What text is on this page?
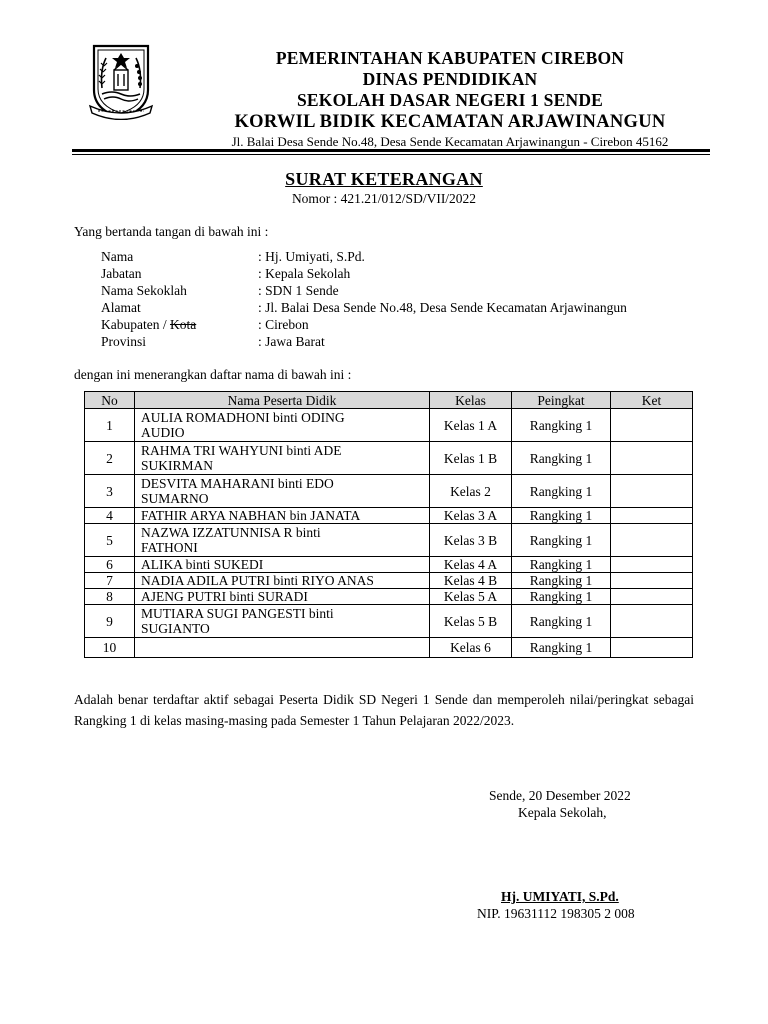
PEMERINTAHAN KABUPATEN CIREBON
DINAS PENDIDIKAN
SEKOLAH DASAR NEGERI 1 SENDE
KORWIL BIDIK KECAMATAN ARJAWINANGUN
Jl. Balai Desa Sende No.48, Desa Sende Kecamatan Arjawinangun - Cirebon 45162
SURAT KETERANGAN
Nomor : 421.21/012/SD/VII/2022
Yang bertanda tangan di bawah ini :
Nama	: Hj. Umiyati, S.Pd.
Jabatan	: Kepala Sekolah
Nama Sekoklah	: SDN 1 Sende
Alamat	: Jl. Balai Desa Sende No.48, Desa Sende Kecamatan Arjawinangun
Kabupaten / Kota	: Cirebon
Provinsi	: Jawa Barat
dengan ini menerangkan daftar nama di bawah ini :
No	Nama Peserta Didik	Kelas	Peingkat	Ket
1	AULIA ROMADHONI binti ODING
AUDIO	Kelas 1 A	Rangking 1	
2	RAHMA TRI WAHYUNI binti ADE
SUKIRMAN	Kelas 1 B	Rangking 1	
3	DESVITA MAHARANI binti EDO
SUMARNO	Kelas 2	Rangking 1	
4	FATHIR ARYA NABHAN bin JANATA	Kelas 3 A	Rangking 1	
5	NAZWA IZZATUNNISA R binti
FATHONI	Kelas 3 B	Rangking 1	
6	ALIKA binti SUKEDI	Kelas 4 A	Rangking 1	
7	NADIA ADILA PUTRI binti RIYO ANAS	Kelas 4 B	Rangking 1	
8	AJENG PUTRI binti SURADI	Kelas 5 A	Rangking 1	
9	MUTIARA SUGI PANGESTI binti
SUGIANTO	Kelas 5 B	Rangking 1	
10		Kelas 6	Rangking 1	
Adalah benar terdaftar aktif sebagai Peserta Didik SD Negeri 1 Sende dan memperoleh nilai/peringkat sebagai Rangking 1 di kelas masing-masing pada Semester 1 Tahun Pelajaran 2022/2023.
Sende, 20 Desember 2022
Kepala Sekolah,
Hj. UMIYATI, S.Pd.
NIP. 19631112 198305 2 008
